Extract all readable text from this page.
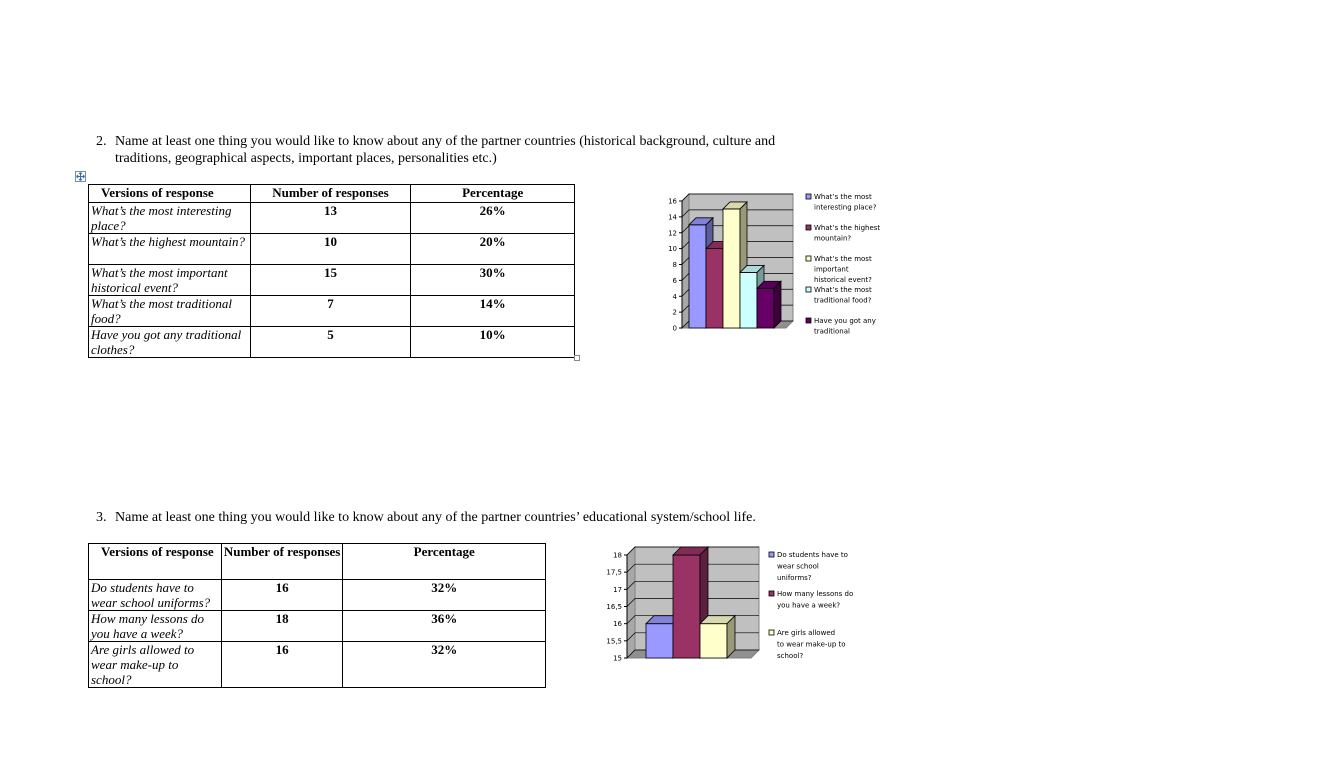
2. Name at least one thing you would like to know about any of the partner countries (historical background, culture and
traditions, geographical aspects, important places, personalities etc.)
Versions of response	Number of responses	Percentage
What’s the most interesting place?	13	26%
What’s the highest mountain?	10	20%
What’s the most important historical event?	15	30%
What’s the most traditional food?	7	14%
Have you got any traditional clothes?	5	10%	0
2
4
6
8
10
12
14
16
What’s the most interesting place?
What’s the highest mountain?
What’s the most important historical event?
What’s the most traditional food?
Have you got any traditional
3. Name at least one thing you would like to know about any of the partner countries’ educational system/school life.
Versions of response	Number of responses	Percentage
Do students have to wear school uniforms?	16	32%
How many lessons do you have a week?	18	36%
Are girls allowed to wear make-up to school?	16	32%
15
15,5
16
16,5
17
17,5
18	Do students have to wear school uniforms?
How many lessons do you have a week?
Are girls allowed to wear make-up to school?
